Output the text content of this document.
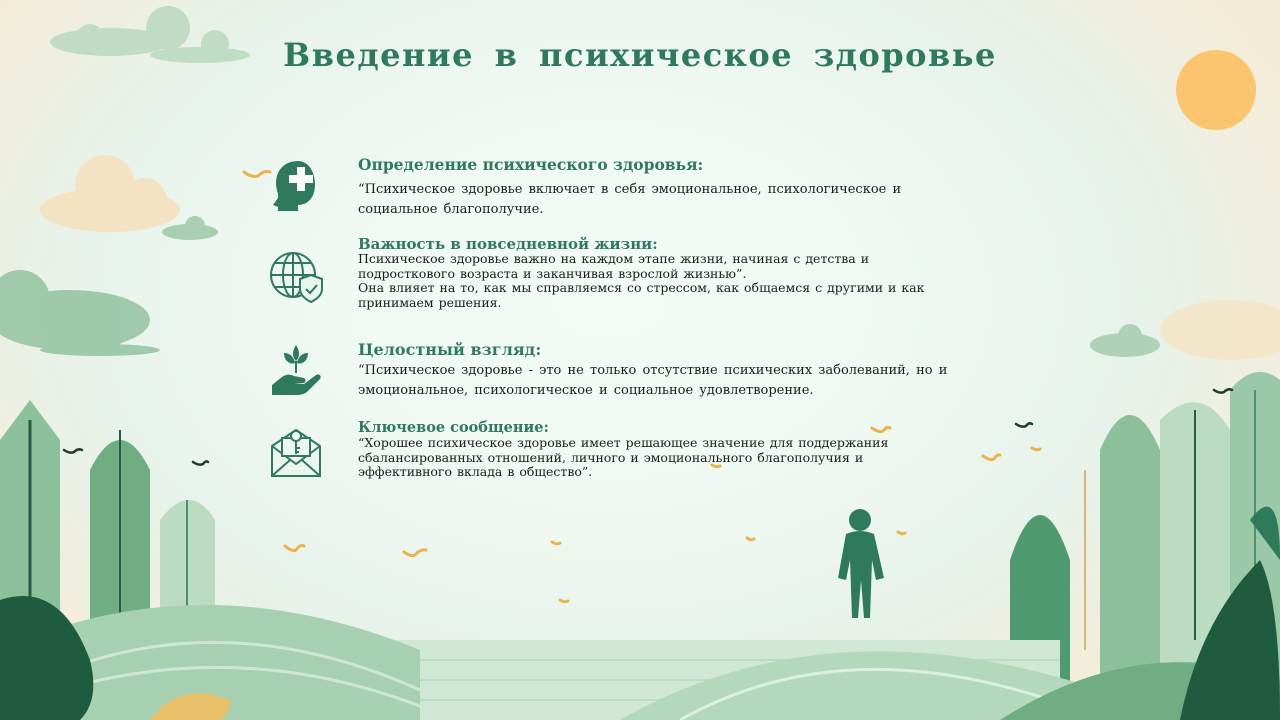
Введение в психическое здоровье
Определение психического здоровья:

“Психическое здоровье включает в себя эмоциональное, психологическое и социальное благополучие.

Важность в повседневной жизни:

Психическое здоровье важно на каждом этапе жизни, начиная с детства и подросткового возраста и заканчивая взрослой жизнью”.

Она влияет на то, как мы справляемся со стрессом, как общаемся с другими и как принимаем решения.

Целостный взгляд:

“Психическое здоровье - это не только отсутствие психических заболеваний, но и эмоциональное, психологическое и социальное удовлетворение.

Ключевое сообщение:

“Хорошее психическое здоровье имеет решающее значение для поддержания сбалансированных отношений, личного и эмоционального благополучия и эффективного вклада в общество”.
